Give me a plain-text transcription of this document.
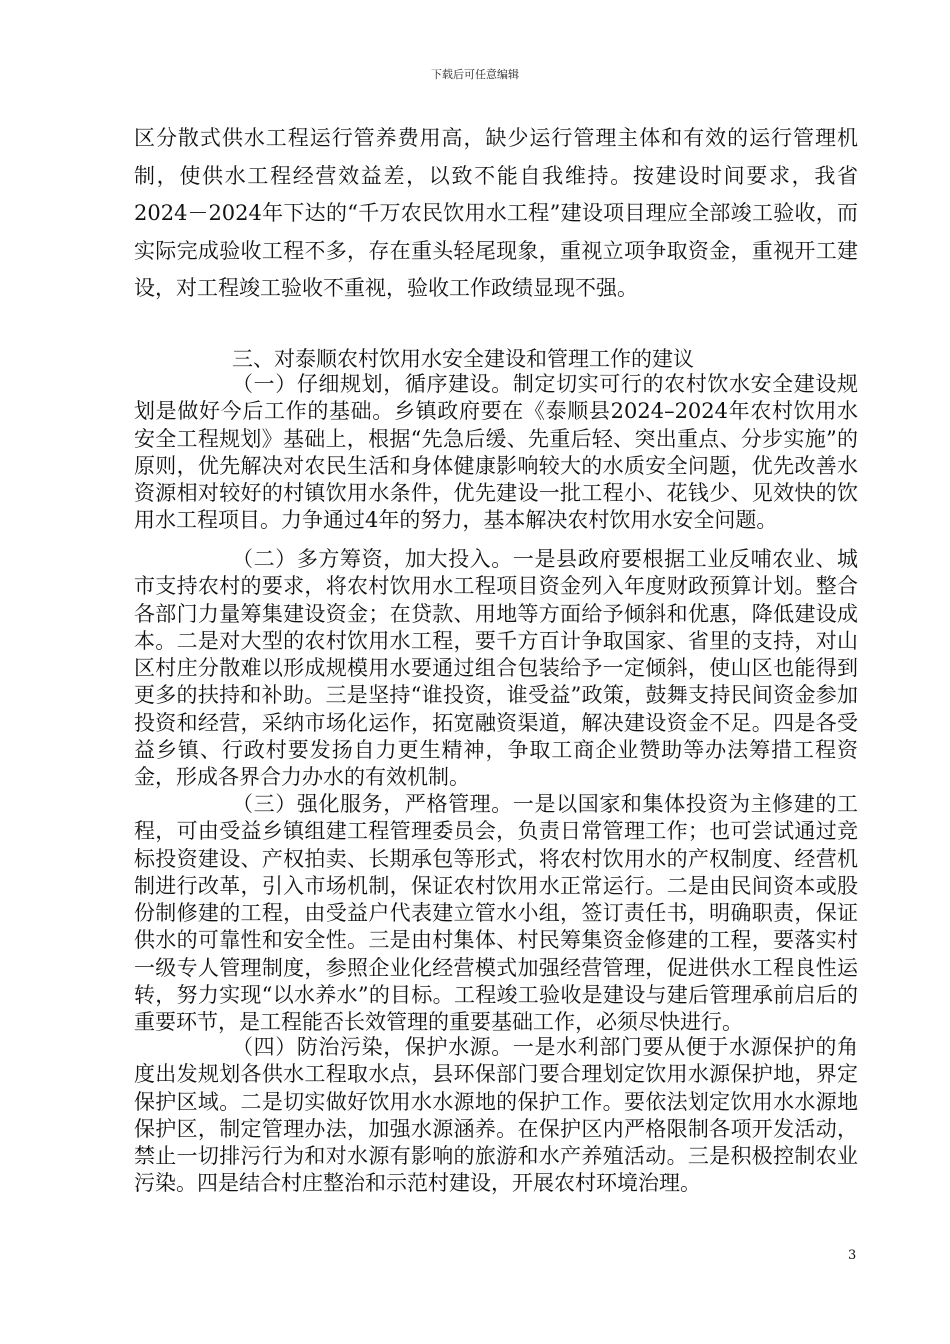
下载后可任意编辑

区分散式供水工程运行管养费用高，缺少运行管理主体和有效的运行管理机制，使供水工程经营效益差，以致不能自我维持。按建设时间要求，我省2024－2024年下达的“千万农民饮用水工程”建设项目理应全部竣工验收，而实际完成验收工程不多，存在重头轻尾现象，重视立项争取资金，重视开工建设，对工程竣工验收不重视，验收工作政绩显现不强。

三、对泰顺农村饮用水安全建设和管理工作的建议

（一）仔细规划，循序建设。制定切实可行的农村饮水安全建设规划是做好今后工作的基础。乡镇政府要在《泰顺县2024–2024年农村饮用水安全工程规划》基础上，根据“先急后缓、先重后轻、突出重点、分步实施”的原则，优先解决对农民生活和身体健康影响较大的水质安全问题，优先改善水资源相对较好的村镇饮用水条件，优先建设一批工程小、花钱少、见效快的饮用水工程项目。力争通过4年的努力，基本解决农村饮用水安全问题。

（二）多方筹资，加大投入。一是县政府要根据工业反哺农业、城市支持农村的要求，将农村饮用水工程项目资金列入年度财政预算计划。整合各部门力量筹集建设资金；在贷款、用地等方面给予倾斜和优惠，降低建设成本。二是对大型的农村饮用水工程，要千方百计争取国家、省里的支持，对山区村庄分散难以形成规模用水要通过组合包装给予一定倾斜，使山区也能得到更多的扶持和补助。三是坚持“谁投资，谁受益”政策，鼓舞支持民间资金参加投资和经营，采纳市场化运作，拓宽融资渠道，解决建设资金不足。四是各受益乡镇、行政村要发扬自力更生精神，争取工商企业赞助等办法筹措工程资金，形成各界合力办水的有效机制。

（三）强化服务，严格管理。一是以国家和集体投资为主修建的工程，可由受益乡镇组建工程管理委员会，负责日常管理工作；也可尝试通过竞标投资建设、产权拍卖、长期承包等形式，将农村饮用水的产权制度、经营机制进行改革，引入市场机制，保证农村饮用水正常运行。二是由民间资本或股份制修建的工程，由受益户代表建立管水小组，签订责任书，明确职责，保证供水的可靠性和安全性。三是由村集体、村民筹集资金修建的工程，要落实村一级专人管理制度，参照企业化经营模式加强经营管理，促进供水工程良性运转，努力实现“以水养水”的目标。工程竣工验收是建设与建后管理承前启后的重要环节，是工程能否长效管理的重要基础工作，必须尽快进行。

（四）防治污染，保护水源。一是水利部门要从便于水源保护的角度出发规划各供水工程取水点，县环保部门要合理划定饮用水源保护地，界定保护区域。二是切实做好饮用水水源地的保护工作。要依法划定饮用水水源地保护区，制定管理办法，加强水源涵养。在保护区内严格限制各项开发活动，禁止一切排污行为和对水源有影响的旅游和水产养殖活动。三是积极控制农业污染。四是结合村庄整治和示范村建设，开展农村环境治理。

3
